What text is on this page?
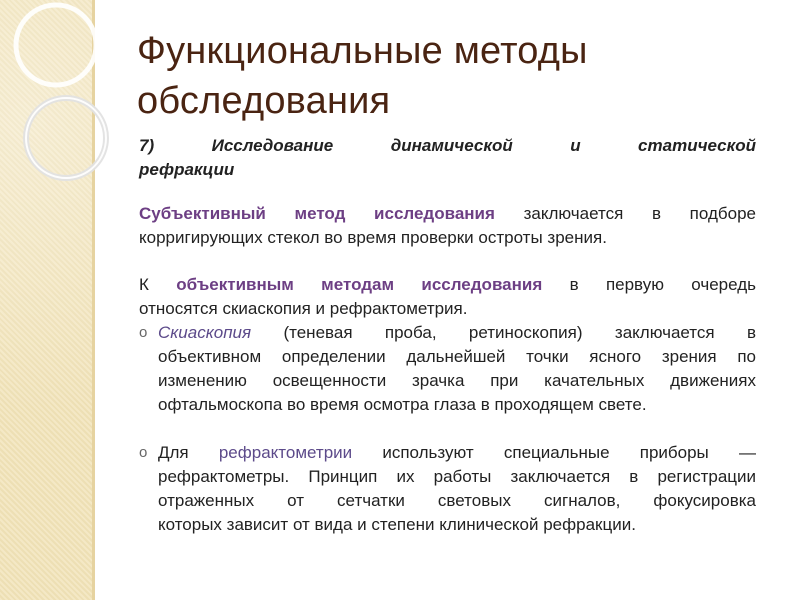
Функциональные методы
обследования
7) Исследование динамической и статической
рефракции
Субъективный метод исследования заключается в подборе
корригирующих стекол во время проверки остроты зрения.
К объективным методам исследования в первую очередь
относятся скиаскопия и рефрактометрия.
o Скиаскопия (теневая проба, ретиноскопия) заключается в
объективном определении дальнейшей точки ясного зрения по
изменению освещенности зрачка при качательных движениях
офтальмоскопа во время осмотра глаза в проходящем свете.
o Для рефрактометрии используют специальные приборы —
рефрактометры. Принцип их работы заключается в регистрации
отраженных от сетчатки световых сигналов, фокусировка
которых зависит от вида и степени клинической рефракции.
